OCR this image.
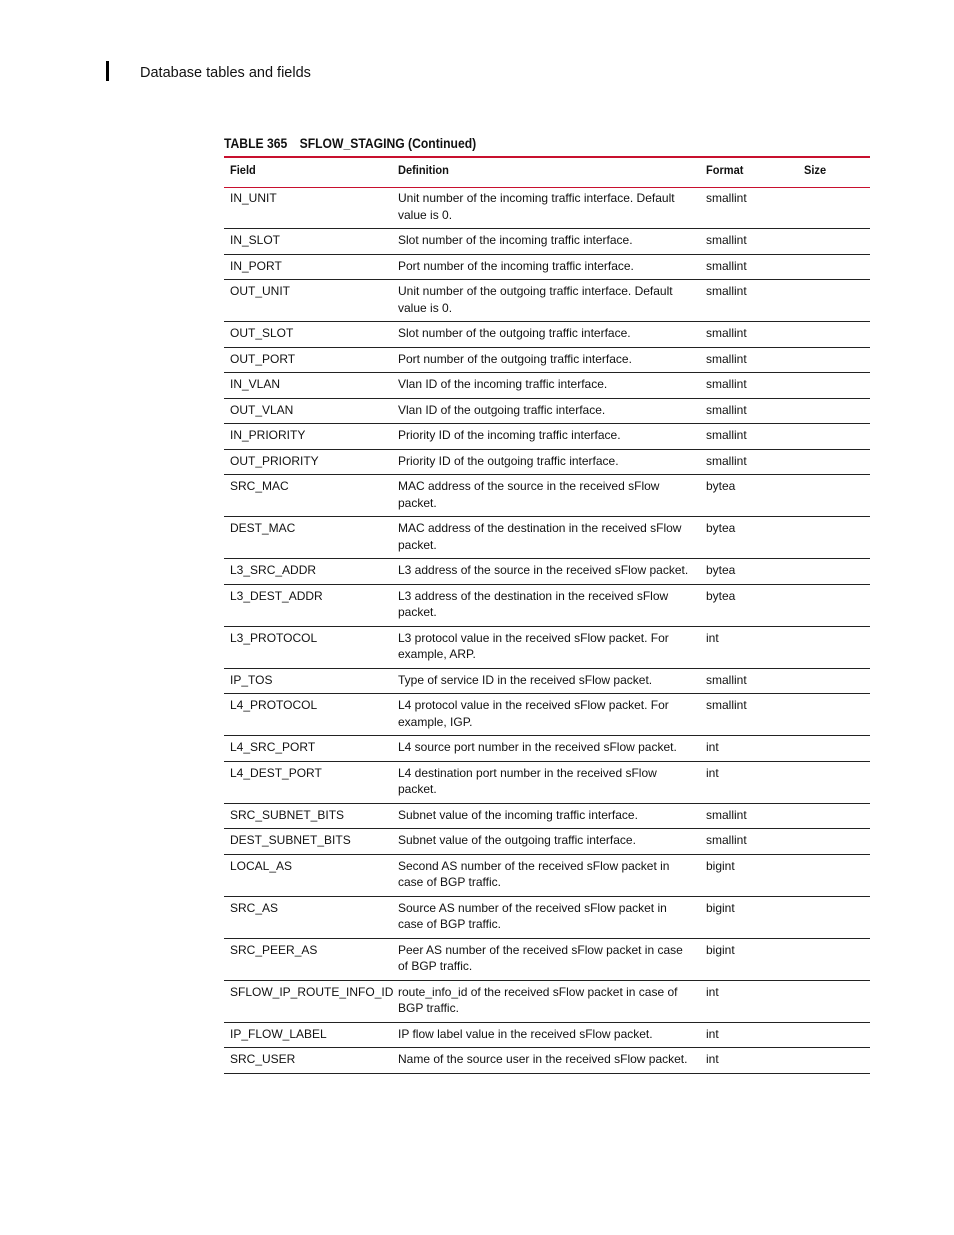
Database tables and fields
TABLE 365 SFLOW_STAGING (Continued)
Field	Definition	Format	Size
IN_UNIT	Unit number of the incoming traffic interface. Default value is 0.	smallint	
IN_SLOT	Slot number of the incoming traffic interface.	smallint	
IN_PORT	Port number of the incoming traffic interface.	smallint	
OUT_UNIT	Unit number of the outgoing traffic interface. Default value is 0.	smallint	
OUT_SLOT	Slot number of the outgoing traffic interface.	smallint	
OUT_PORT	Port number of the outgoing traffic interface.	smallint	
IN_VLAN	Vlan ID of the incoming traffic interface.	smallint	
OUT_VLAN	Vlan ID of the outgoing traffic interface.	smallint	
IN_PRIORITY	Priority ID of the incoming traffic interface.	smallint	
OUT_PRIORITY	Priority ID of the outgoing traffic interface.	smallint	
SRC_MAC	MAC address of the source in the received sFlow packet.	bytea	
DEST_MAC	MAC address of the destination in the received sFlow packet.	bytea	
L3_SRC_ADDR	L3 address of the source in the received sFlow packet.	bytea	
L3_DEST_ADDR	L3 address of the destination in the received sFlow packet.	bytea	
L3_PROTOCOL	L3 protocol value in the received sFlow packet. For example, ARP.	int	
IP_TOS	Type of service ID in the received sFlow packet.	smallint	
L4_PROTOCOL	L4 protocol value in the received sFlow packet. For example, IGP.	smallint	
L4_SRC_PORT	L4 source port number in the received sFlow packet.	int	
L4_DEST_PORT	L4 destination port number in the received sFlow packet.	int	
SRC_SUBNET_BITS	Subnet value of the incoming traffic interface.	smallint	
DEST_SUBNET_BITS	Subnet value of the outgoing traffic interface.	smallint	
LOCAL_AS	Second AS number of the received sFlow packet in case of BGP traffic.	bigint	
SRC_AS	Source AS number of the received sFlow packet in case of BGP traffic.	bigint	
SRC_PEER_AS	Peer AS number of the received sFlow packet in case of BGP traffic.	bigint	
SFLOW_IP_ROUTE_INFO_ID	route_info_id of the received sFlow packet in case of BGP traffic.	int	
IP_FLOW_LABEL	IP flow label value in the received sFlow packet.	int	
SRC_USER	Name of the source user in the received sFlow packet.	int	
